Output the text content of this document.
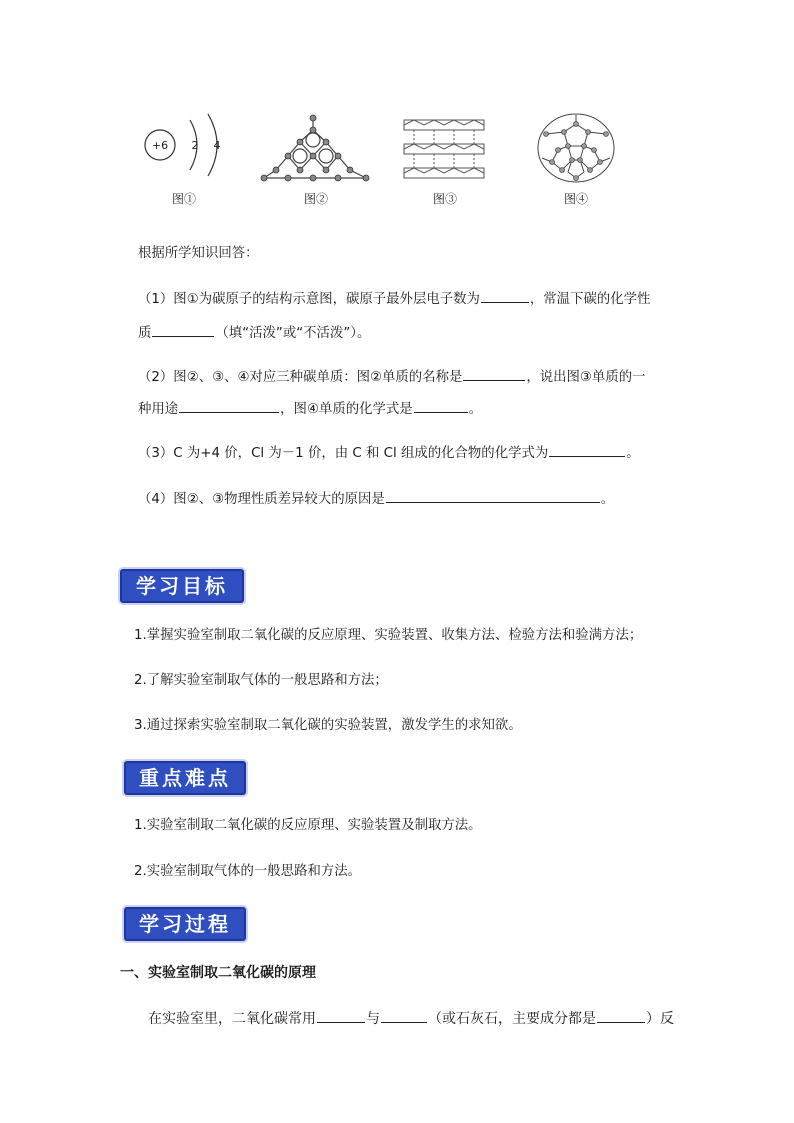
+6 2 4
图①	图②	图③	图④
根据所学知识回答：
（1）图①为碳原子的结构示意图，碳原子最外层电子数为	，常温下碳的化学性
质	（填“活泼”或“不活泼”）。
（2）图②、③、④对应三种碳单质：图②单质的名称是	，说出图③单质的一
种用途	，图④单质的化学式是	。
（3）C 为+4 价，Cl 为－1 价，由 C 和 Cl 组成的化合物的化学式为	。
（4）图②、③物理性质差异较大的原因是	。
学习目标
1.掌握实验室制取二氧化碳的反应原理、实验装置、收集方法、检验方法和验满方法；
2.了解实验室制取气体的一般思路和方法；
3.通过探索实验室制取二氧化碳的实验装置，激发学生的求知欲。
重点难点
1.实验室制取二氧化碳的反应原理、实验装置及制取方法。
2.实验室制取气体的一般思路和方法。
学习过程
一、实验室制取二氧化碳的原理
在实验室里，二氧化碳常用	与	（或石灰石，主要成分都是	）反
